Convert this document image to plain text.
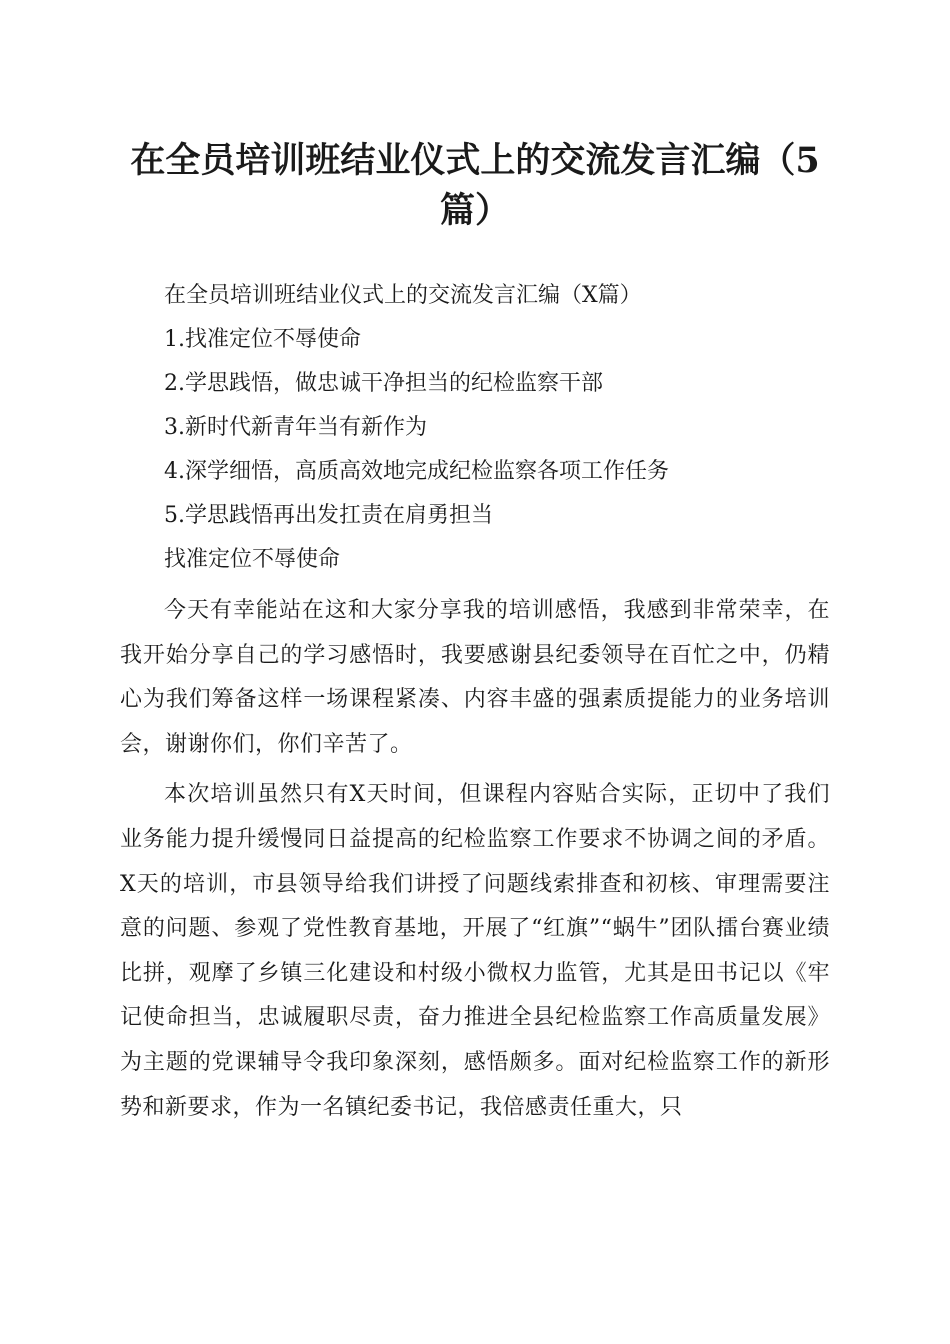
在全员培训班结业仪式上的交流发言汇编（5篇）

在全员培训班结业仪式上的交流发言汇编（X篇）

1.找准定位不辱使命

2.学思践悟，做忠诚干净担当的纪检监察干部

3.新时代新青年当有新作为

4.深学细悟，高质高效地完成纪检监察各项工作任务

5.学思践悟再出发扛责在肩勇担当

找准定位不辱使命

今天有幸能站在这和大家分享我的培训感悟，我感到非常荣幸，在我开始分享自己的学习感悟时，我要感谢县纪委领导在百忙之中，仍精心为我们筹备这样一场课程紧凑、内容丰盛的强素质提能力的业务培训会，谢谢你们，你们辛苦了。

本次培训虽然只有X天时间，但课程内容贴合实际，正切中了我们业务能力提升缓慢同日益提高的纪检监察工作要求不协调之间的矛盾。X天的培训，市县领导给我们讲授了问题线索排查和初核、审理需要注意的问题、参观了党性教育基地，开展了“红旗”“蜗牛”团队擂台赛业绩比拼，观摩了乡镇三化建设和村级小微权力监管，尤其是田书记以《牢记使命担当，忠诚履职尽责，奋力推进全县纪检监察工作高质量发展》为主题的党课辅导令我印象深刻，感悟颇多。面对纪检监察工作的新形势和新要求，作为一名镇纪委书记，我倍感责任重大，只
